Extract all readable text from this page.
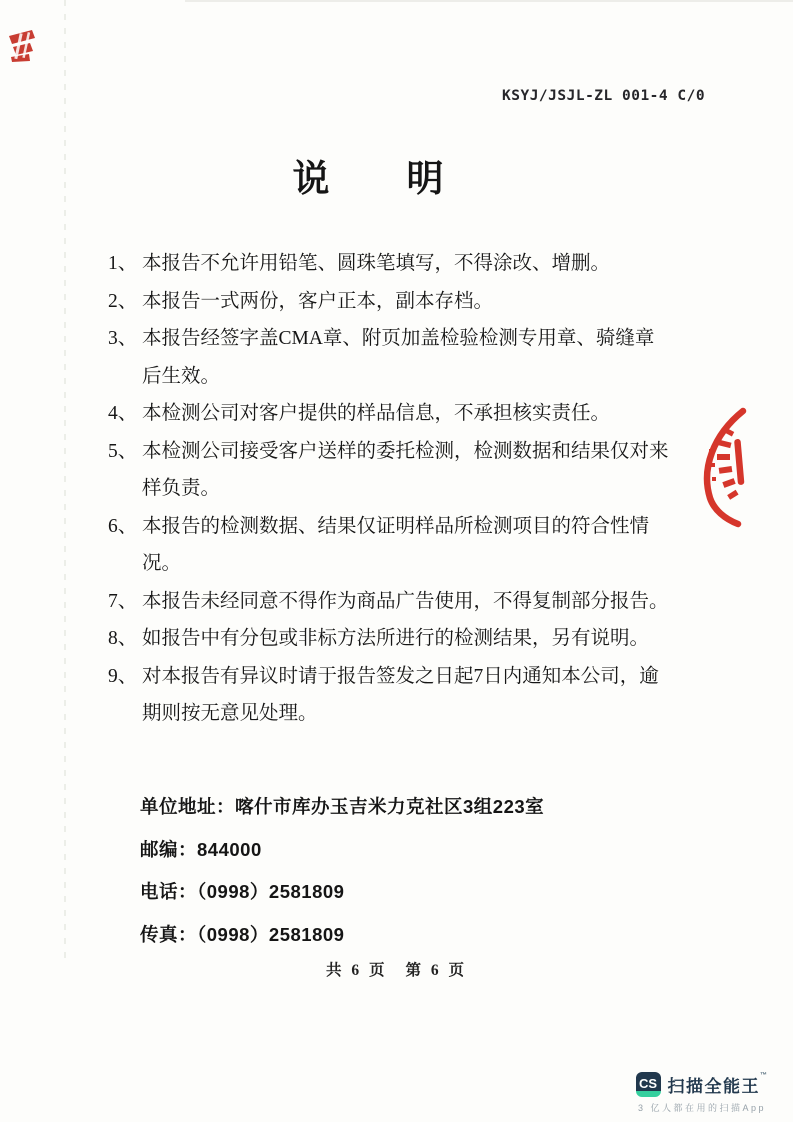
KSYJ/JSJL-ZL 001-4 C/0
说　　明
1、 本报告不允许用铅笔、圆珠笔填写，不得涂改、增删。
2、 本报告一式两份，客户正本，副本存档。
3、 本报告经签字盖CMA章、附页加盖检验检测专用章、骑缝章后生效。
4、 本检测公司对客户提供的样品信息，不承担核实责任。
5、 本检测公司接受客户送样的委托检测，检测数据和结果仅对来样负责。
6、 本报告的检测数据、结果仅证明样品所检测项目的符合性情况。
7、 本报告未经同意不得作为商品广告使用，不得复制部分报告。
8、 如报告中有分包或非标方法所进行的检测结果，另有说明。
9、 对本报告有异议时请于报告签发之日起7日内通知本公司，逾期则按无意见处理。
单位地址：喀什市库办玉吉米力克社区3组223室
邮编：844000
电话：（0998）2581809
传真：（0998）2581809
共 6 页 第 6 页
CS 扫描全能王™
3 亿人都在用的扫描App
